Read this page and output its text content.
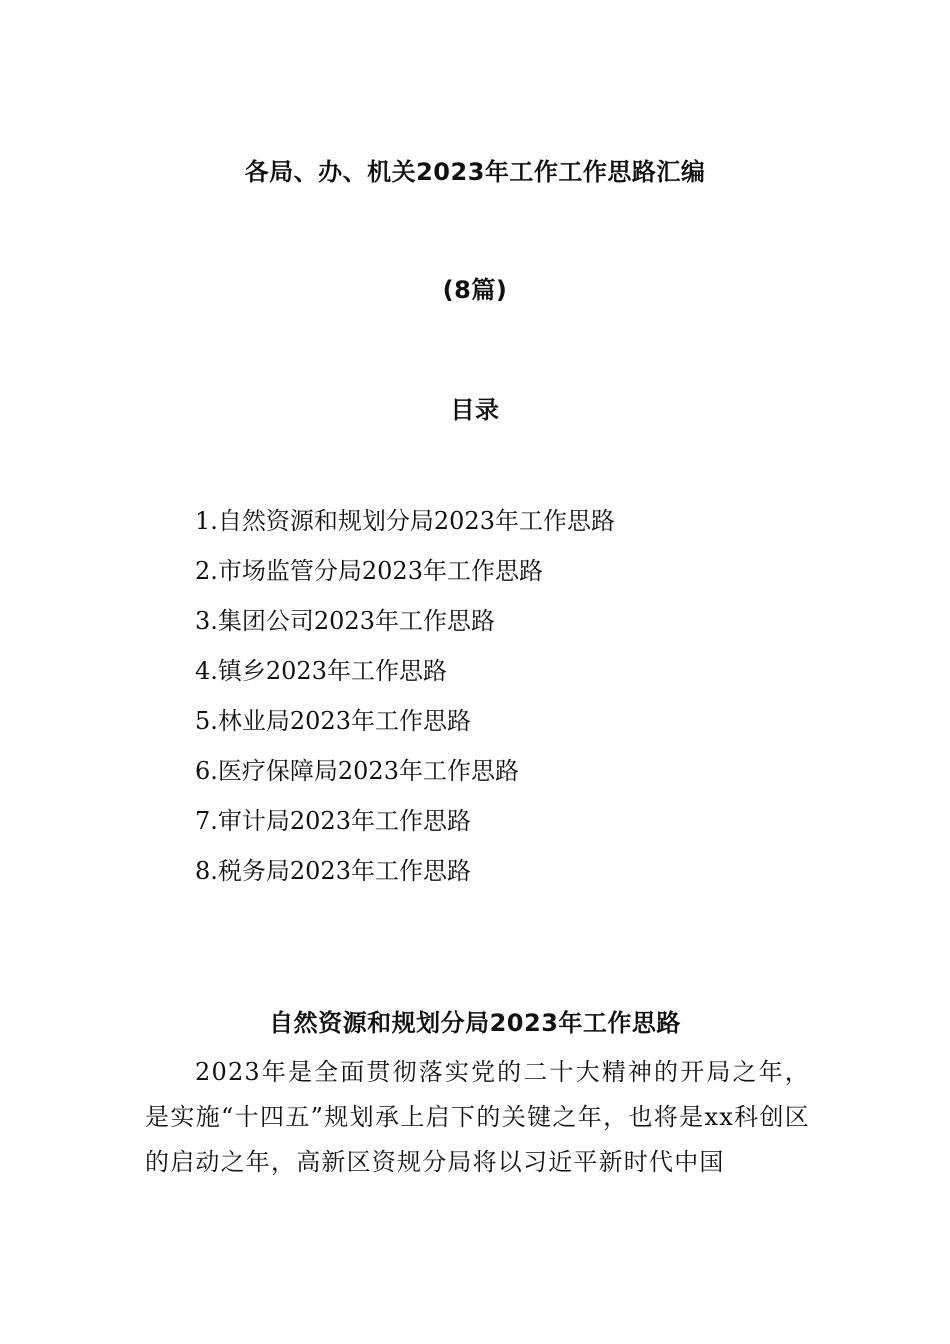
各局、办、机关2023年工作工作思路汇编
(8篇)
目录
1.自然资源和规划分局2023年工作思路
2.市场监管分局2023年工作思路
3.集团公司2023年工作思路
4.镇乡2023年工作思路
5.林业局2023年工作思路
6.医疗保障局2023年工作思路
7.审计局2023年工作思路
8.税务局2023年工作思路
自然资源和规划分局2023年工作思路

2023年是全面贯彻落实党的二十大精神的开局之年，是实施“十四五”规划承上启下的关键之年，也将是xx科创区的启动之年，高新区资规分局将以习近平新时代中国
